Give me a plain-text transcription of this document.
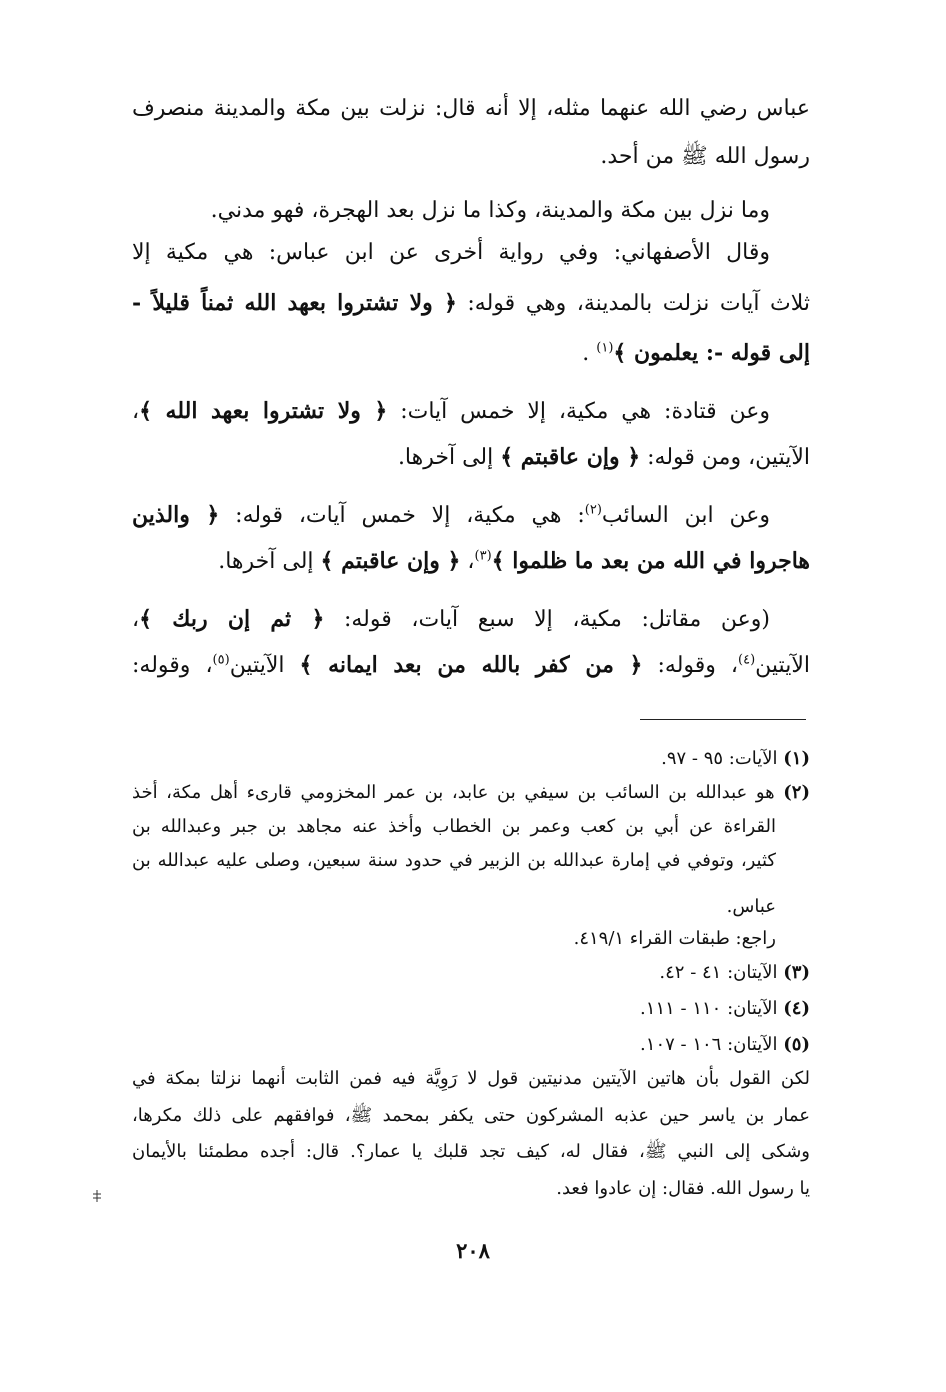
عباس رضي الله عنهما مثله، إلا أنه قال: نزلت بين مكة والمدينة منصرف
رسول الله ﷺ من أحد.
وما نزل بين مكة والمدينة، وكذا ما نزل بعد الهجرة، فهو مدني.
وقال الأصفهاني: وفي رواية أخرى عن ابن عباس: هي مكية إلا
ثلاث آيات نزلت بالمدينة، وهي قوله: ﴿ ولا تشتروا بعهد الله ثمناً قليلاً -
إلى قوله -: يعلمون ﴾$^{(١)}$ .
وعن قتادة: هي مكية، إلا خمس آيات: ﴿ ولا تشتروا بعهد الله ﴾،
الآيتين، ومن قوله: ﴿ وإن عاقبتم ﴾ إلى آخرها.
وعن ابن السائب$^{(٢)}$: هي مكية، إلا خمس آيات، قوله: ﴿ والذين
هاجروا في الله من بعد ما ظلموا ﴾$^{(٣)}$، ﴿ وإن عاقبتم ﴾ إلى آخرها.
(وعن مقاتل: مكية، إلا سبع آيات، قوله: ﴿ ثم إن ربك ﴾،
الآيتين$^{(٤)}$، وقوله: ﴿ من كفر بالله من بعد ايمانه ﴾ الآيتين$^{(٥)}$، وقوله:
(١) الآيات: ٩٥ - ٩٧.
(٢) هو عبدالله بن السائب بن سيفي بن عابد، بن عمر المخزومي قارىء أهل مكة، أخذ
القراءة عن أبي بن كعب وعمر بن الخطاب وأخذ عنه مجاهد بن جبر وعبدالله بن
كثير، وتوفي في إمارة عبدالله بن الزبير في حدود سنة سبعين، وصلى عليه عبدالله بن
عباس.
راجع: طبقات القراء ٤١٩/١.
(٣) الآيتان: ٤١ - ٤٢.
(٤) الآيتان: ١١٠ - ١١١.
(٥) الآيتان: ١٠٦ - ١٠٧.
لكن القول بأن هاتين الآيتين مدنيتين قول لا رَوِيَّة فيه فمن الثابت أنهما نزلتا بمكة في
عمار بن ياسر حين عذبه المشركون حتى يكفر بمحمد ﷺ، فوافقهم على ذلك مكرها،
وشكى إلى النبي ﷺ، فقال له، كيف تجد قلبك يا عمار؟. قال: أجده مطمئنا بالأيمان
يا رسول الله. فقال: إن عادوا فعد.
٢٠٨
